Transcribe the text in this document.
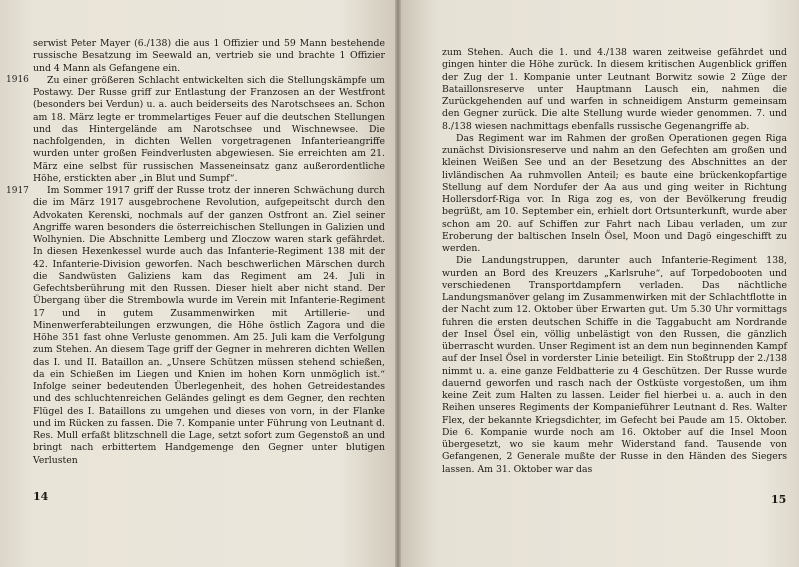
1916
1917

serwist Peter Mayer (6./138) die aus 1 Offizier und 59 Mann bestehende russische Besatzung im Seewald an, vertrieb sie und brachte 1 Offizier und 4 Mann als Gefangene ein.

Zu einer größeren Schlacht entwickelten sich die Stellungskämpfe um Postawy. Der Russe griff zur Entlastung der Franzosen an der Westfront (besonders bei Verdun) u. a. auch beiderseits des Narotschsees an. Schon am 18. März legte er trommelartiges Feuer auf die deutschen Stellungen und das Hintergelände am Narotschsee und Wischnewsee. Die nachfolgenden, in dichten Wellen vorgetragenen Infanterieangriffe wurden unter großen Feindverlusten abgewiesen. Sie erreichten am 21. März eine selbst für russischen Masseneinsatz ganz außerordentliche Höhe, erstickten aber „in Blut und Sumpf“.

Im Sommer 1917 griff der Russe trotz der inneren Schwächung durch die im März 1917 ausgebrochene Revolution, aufgepeitscht durch den Advokaten Kerenski, nochmals auf der ganzen Ostfront an. Ziel seiner Angriffe waren besonders die österreichischen Stellungen in Galizien und Wolhynien. Die Abschnitte Lemberg und Zloczow waren stark gefährdet. In diesen Hexenkessel wurde auch das Infanterie-Regiment 138 mit der 42. Infanterie-Division geworfen. Nach beschwerlichen Märschen durch die Sandwüsten Galiziens kam das Regiment am 24. Juli in Gefechtsberührung mit den Russen. Dieser hielt aber nicht stand. Der Übergang über die Strembowla wurde im Verein mit Infanterie-Regiment 17 und in gutem Zusammenwirken mit Artillerie- und Minenwerferabteilungen erzwungen, die Höhe östlich Zagora und die Höhe 351 fast ohne Verluste genommen. Am 25. Juli kam die Verfolgung zum Stehen. An diesem Tage griff der Gegner in mehreren dichten Wellen das I. und II. Bataillon an. „Unsere Schützen müssen stehend schießen, da ein Schießen im Liegen und Knien im hohen Korn unmöglich ist.“ Infolge seiner bedeutenden Überlegenheit, des hohen Getreidestandes und des schluchtenreichen Geländes gelingt es dem Gegner, den rechten Flügel des I. Bataillons zu umgehen und dieses von vorn, in der Flanke und im Rücken zu fassen. Die 7. Kompanie unter Führung von Leutnant d. Res. Mull erfaßt blitzschnell die Lage, setzt sofort zum Gegenstoß an und bringt nach erbittertem Handgemenge den Gegner unter blutigen Verlusten

14

zum Stehen. Auch die 1. und 4./138 waren zeitweise gefährdet und gingen hinter die Höhe zurück. In diesem kritischen Augenblick griffen der Zug der 1. Kompanie unter Leutnant Borwitz sowie 2 Züge der Bataillonsreserve unter Hauptmann Lausch ein, nahmen die Zurückgehenden auf und warfen in schneidigem Ansturm gemeinsam den Gegner zurück. Die alte Stellung wurde wieder genommen. 7. und 8./138 wiesen nachmittags ebenfalls russische Gegenangriffe ab.

Das Regiment war im Rahmen der großen Operationen gegen Riga zunächst Divisionsreserve und nahm an den Gefechten am großen und kleinen Weißen See und an der Besetzung des Abschnittes an der livländischen Aa ruhmvollen Anteil; es baute eine brückenkopfartige Stellung auf dem Nordufer der Aa aus und ging weiter in Richtung Hollersdorf-Riga vor. In Riga zog es, von der Bevölkerung freudig begrüßt, am 10. September ein, erhielt dort Ortsunterkunft, wurde aber schon am 20. auf Schiffen zur Fahrt nach Libau verladen, um zur Eroberung der baltischen Inseln Ösel, Moon und Dagö eingeschifft zu werden.

Die Landungstruppen, darunter auch Infanterie-Regiment 138, wurden an Bord des Kreuzers „Karlsruhe“, auf Torpedobooten und verschiedenen Transportdampfern verladen. Das nächtliche Landungsmanöver gelang im Zusammenwirken mit der Schlachtflotte in der Nacht zum 12. Oktober über Erwarten gut. Um 5.30 Uhr vormittags fuhren die ersten deutschen Schiffe in die Taggabucht am Nordrande der Insel Ösel ein, völlig unbelästigt von den Russen, die gänzlich überrascht wurden. Unser Regiment ist an dem nun beginnenden Kampf auf der Insel Ösel in vorderster Linie beteiligt. Ein Stoßtrupp der 2./138 nimmt u. a. eine ganze Feldbatterie zu 4 Geschützen. Der Russe wurde dauernd geworfen und rasch nach der Ostküste vorgestoßen, um ihm keine Zeit zum Halten zu lassen. Leider fiel hierbei u. a. auch in den Reihen unseres Regiments der Kompanieführer Leutnant d. Res. Walter Flex, der bekannte Kriegsdichter, im Gefecht bei Paude am 15. Oktober. Die 6. Kompanie wurde noch am 16. Oktober auf die Insel Moon übergesetzt, wo sie kaum mehr Widerstand fand. Tausende von Gefangenen, 2 Generale mußte der Russe in den Händen des Siegers lassen. Am 31. Oktober war das

15
